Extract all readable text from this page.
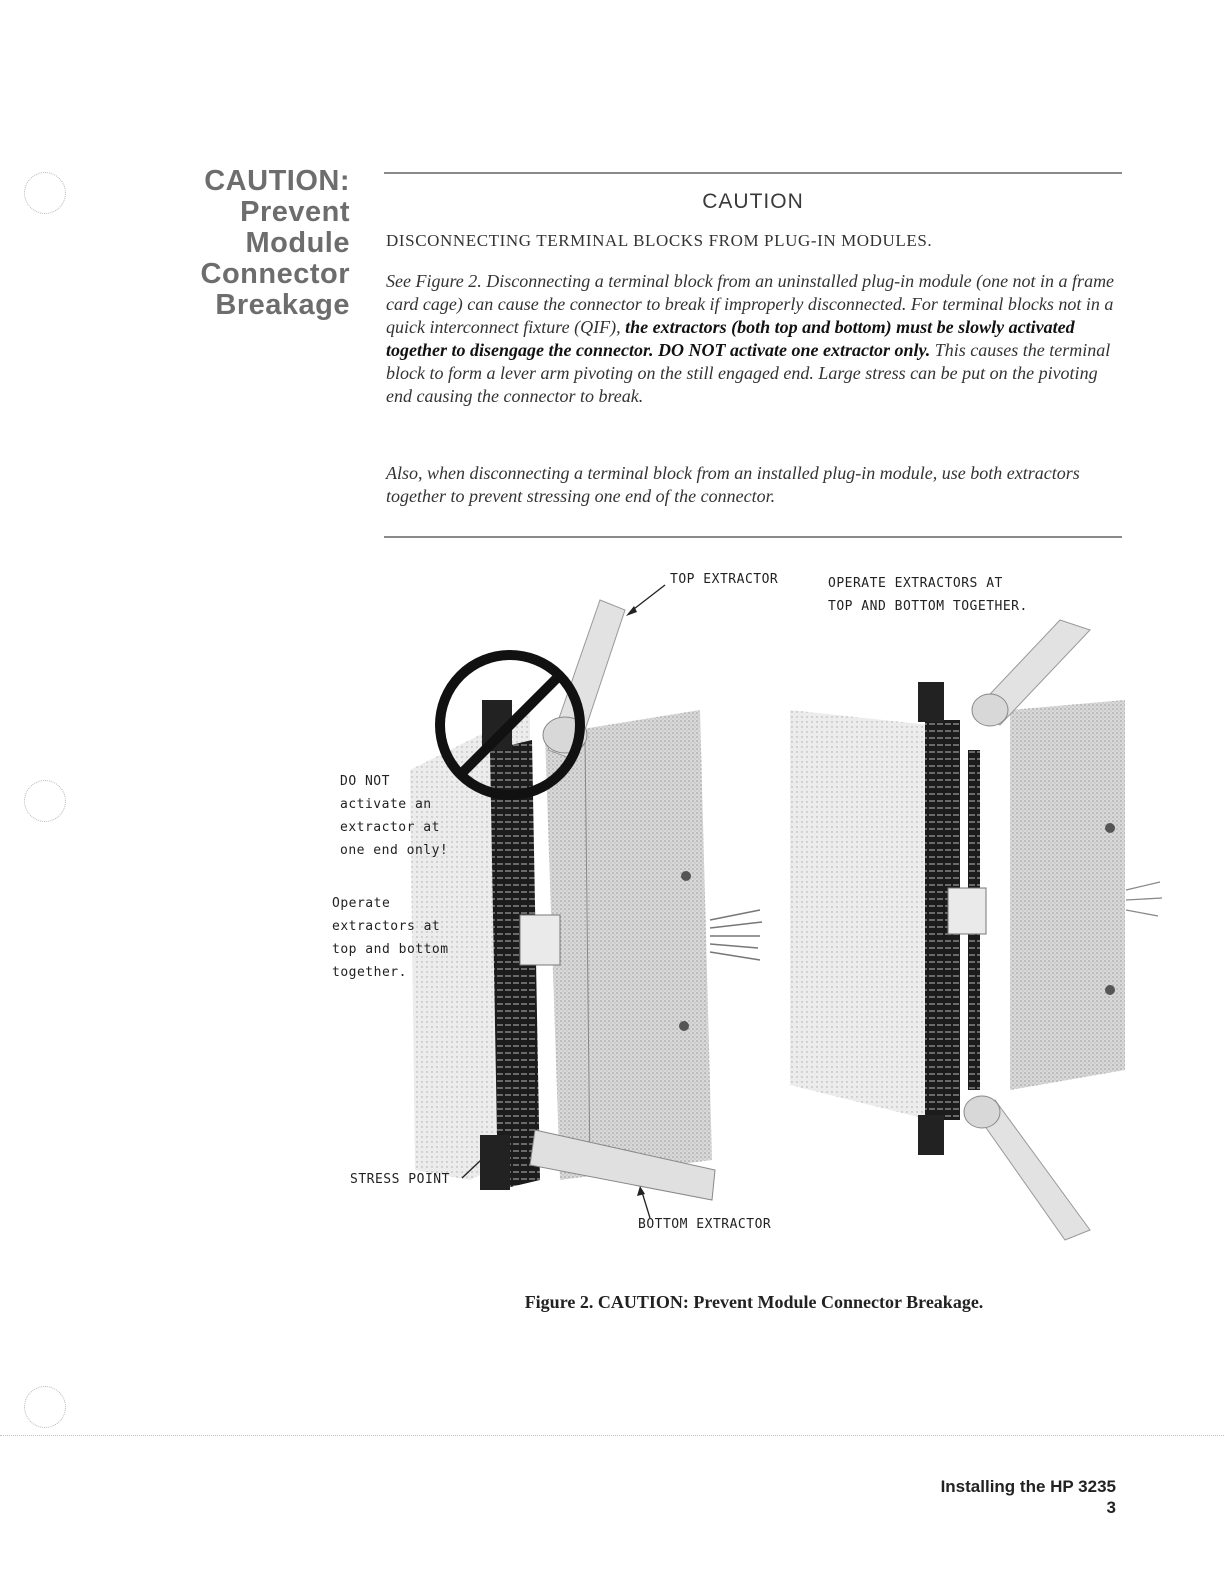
CAUTION:
Prevent
Module
Connector
Breakage
CAUTION
DISCONNECTING TERMINAL BLOCKS FROM PLUG-IN MODULES.
See Figure 2. Disconnecting a terminal block from an uninstalled plug-in module (one not in a frame card cage) can cause the connector to break if improperly disconnected. For terminal blocks not in a quick interconnect fixture (QIF), the extractors (both top and bottom) must be slowly activated together to disengage the connector. DO NOT activate one extractor only. This causes the terminal block to form a lever arm pivoting on the still engaged end. Large stress can be put on the pivoting end causing the connector to break.
Also, when disconnecting a terminal block from an installed plug-in module, use both extractors together to prevent stressing one end of the connector.
TOP EXTRACTOR	OPERATE EXTRACTORS AT
TOP AND BOTTOM TOGETHER.
DO NOT
activate an
extractor at
one end only!
Operate
extractors at
top and bottom
together.
STRESS POINT
BOTTOM EXTRACTOR
Figure 2. CAUTION: Prevent Module Connector Breakage.
Installing the HP 3235
3
